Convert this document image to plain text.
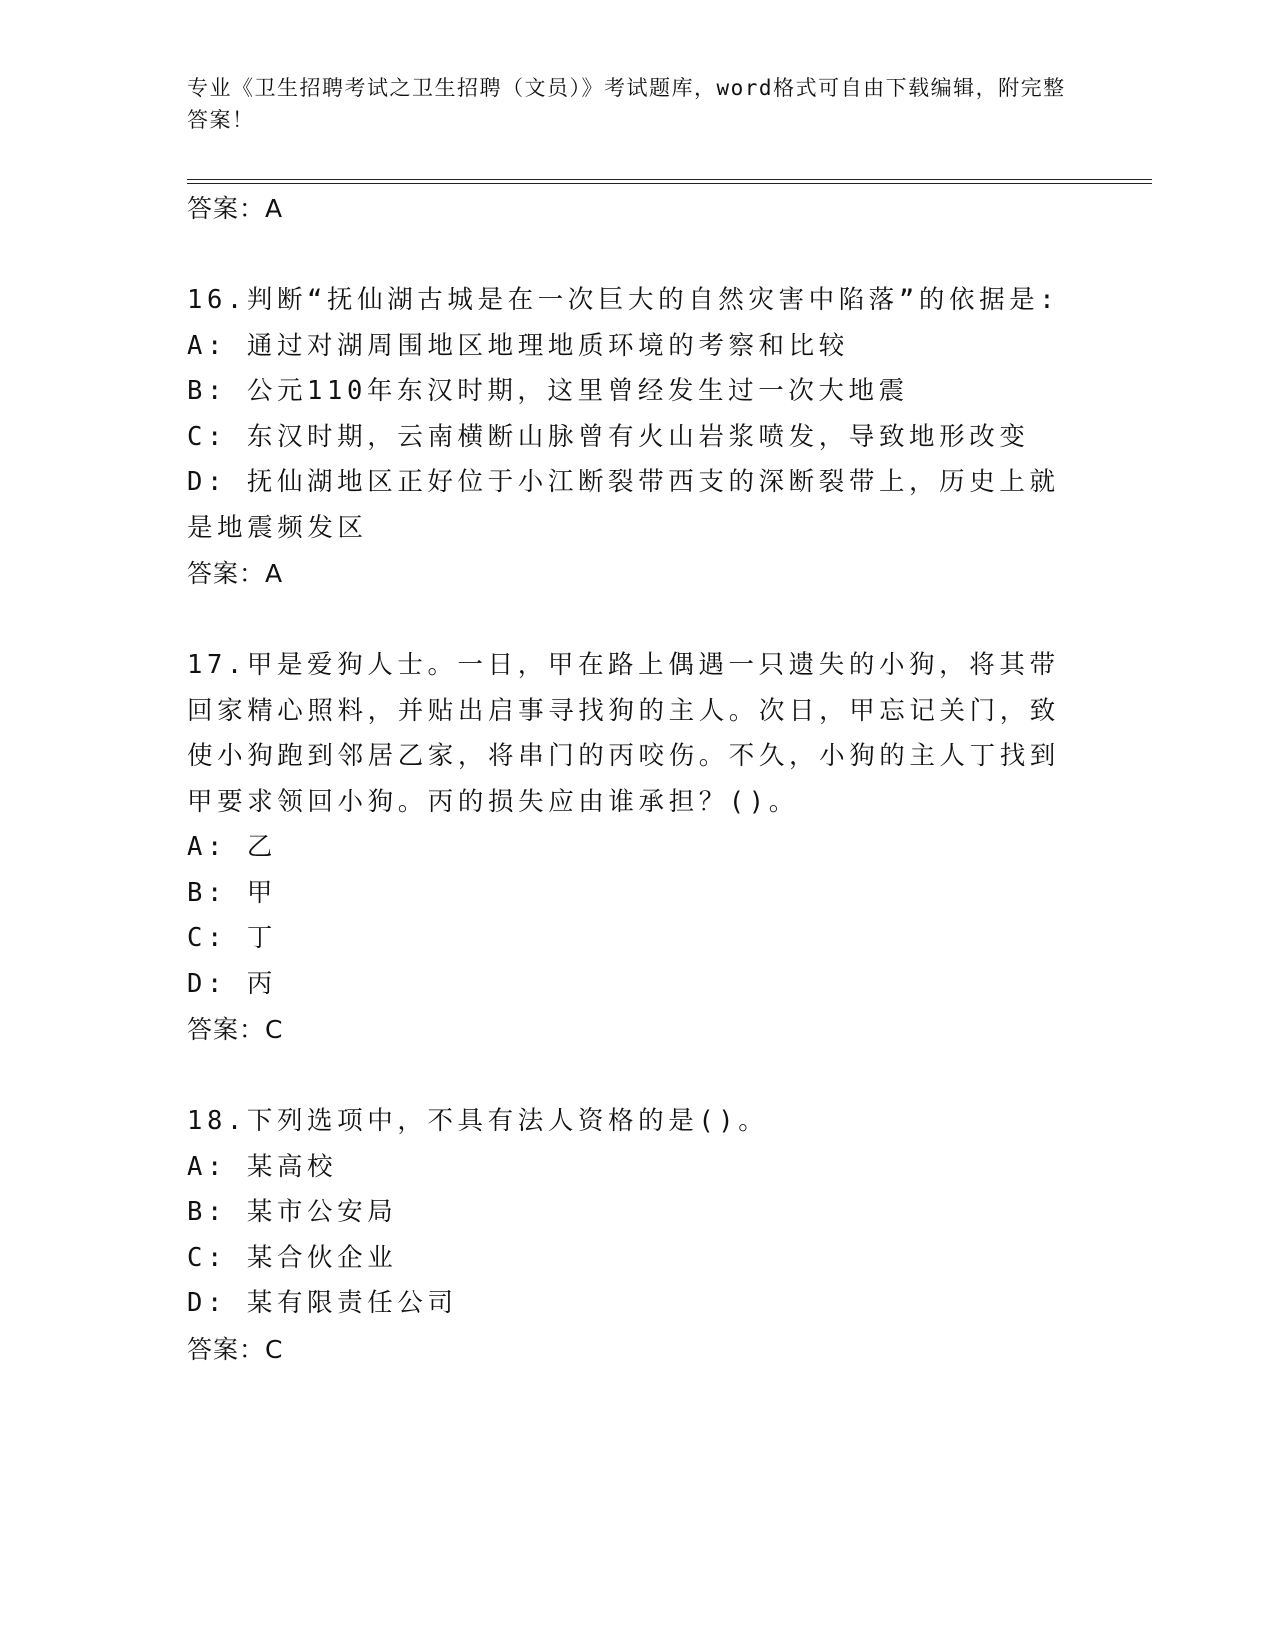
专业《卫生招聘考试之卫生招聘（文员）》考试题库，word格式可自由下载编辑，附完整答案！

答案：A

16.判断“抚仙湖古城是在一次巨大的自然灾害中陷落”的依据是:

A: 通过对湖周围地区地理地质环境的考察和比较

B: 公元110年东汉时期，这里曾经发生过一次大地震

C: 东汉时期，云南横断山脉曾有火山岩浆喷发，导致地形改变

D: 抚仙湖地区正好位于小江断裂带西支的深断裂带上，历史上就是地震频发区

答案：A

17.甲是爱狗人士。一日，甲在路上偶遇一只遗失的小狗，将其带回家精心照料，并贴出启事寻找狗的主人。次日，甲忘记关门，致使小狗跑到邻居乙家，将串门的丙咬伤。不久，小狗的主人丁找到甲要求领回小狗。丙的损失应由谁承担？()。

A: 乙

B: 甲

C: 丁

D: 丙

答案：C

18.下列选项中，不具有法人资格的是()。

A: 某高校

B: 某市公安局

C: 某合伙企业

D: 某有限责任公司

答案：C
